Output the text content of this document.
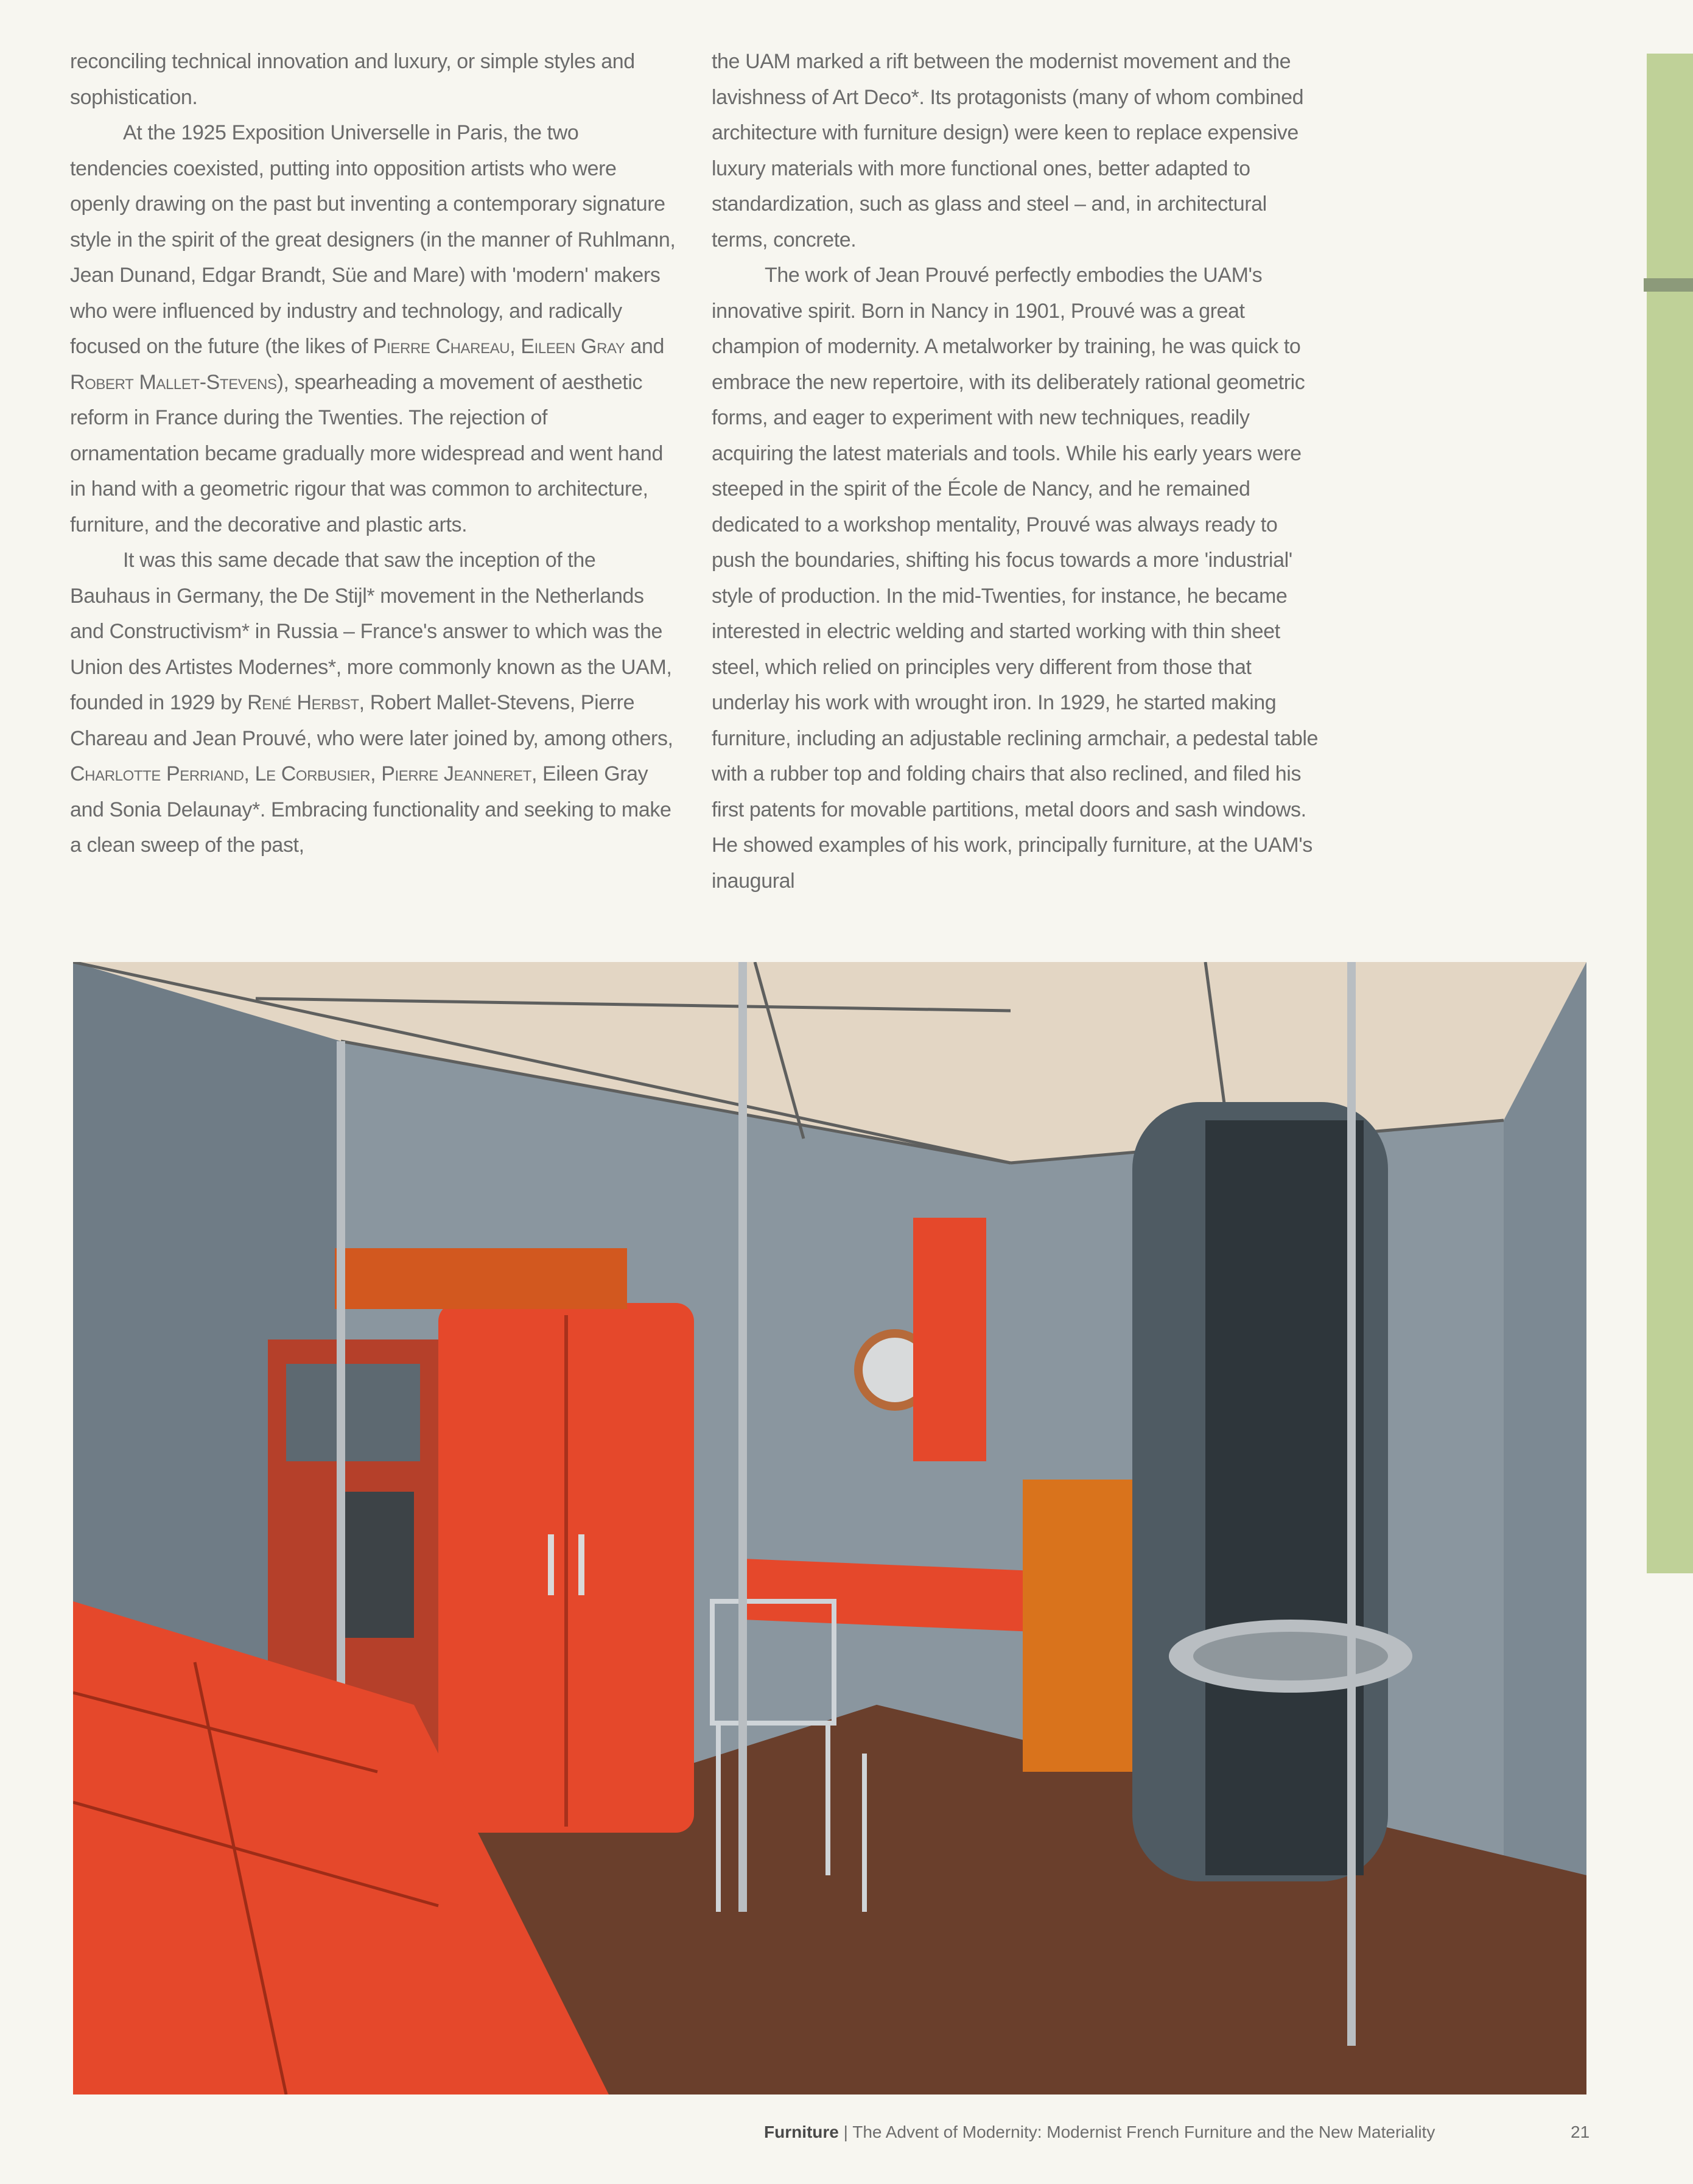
reconciling technical innovation and luxury, or simple styles and sophistication.

At the 1925 Exposition Universelle in Paris, the two tendencies coexisted, putting into opposition artists who were openly drawing on the past but inventing a contemporary signature style in the spirit of the great designers (in the manner of Ruhlmann, Jean Dunand, Edgar Brandt, Süe and Mare) with 'modern' makers who were influenced by industry and technology, and radically focused on the future (the likes of Pierre Chareau, Eileen Gray and Robert Mallet-Stevens), spearheading a movement of aesthetic reform in France during the Twenties. The rejection of ornamentation became gradually more widespread and went hand in hand with a geometric rigour that was common to architecture, furniture, and the decorative and plastic arts.

It was this same decade that saw the inception of the Bauhaus in Germany, the De Stijl* movement in the Netherlands and Constructivism* in Russia – France's answer to which was the Union des Artistes Modernes*, more commonly known as the UAM, founded in 1929 by René Herbst, Robert Mallet-Stevens, Pierre Chareau and Jean Prouvé, who were later joined by, among others, Charlotte Perriand, Le Corbusier, Pierre Jeanneret, Eileen Gray and Sonia Delaunay*. Embracing functionality and seeking to make a clean sweep of the past,

the UAM marked a rift between the modernist movement and the lavishness of Art Deco*. Its protagonists (many of whom combined architecture with furniture design) were keen to replace expensive luxury materials with more functional ones, better adapted to standardization, such as glass and steel – and, in architectural terms, concrete.

The work of Jean Prouvé perfectly embodies the UAM's innovative spirit. Born in Nancy in 1901, Prouvé was a great champion of modernity. A metalworker by training, he was quick to embrace the new repertoire, with its deliberately rational geometric forms, and eager to experiment with new techniques, readily acquiring the latest materials and tools. While his early years were steeped in the spirit of the École de Nancy, and he remained dedicated to a workshop mentality, Prouvé was always ready to push the boundaries, shifting his focus towards a more 'industrial' style of production. In the mid-Twenties, for instance, he became interested in electric welding and started working with thin sheet steel, which relied on principles very different from those that underlay his work with wrought iron. In 1929, he started making furniture, including an adjustable reclining armchair, a pedestal table with a rubber top and folding chairs that also reclined, and filed his first patents for movable partitions, metal doors and sash windows. He showed examples of his work, principally furniture, at the UAM's inaugural

Furniture | The Advent of Modernity: Modernist French Furniture and the New Materiality	21
